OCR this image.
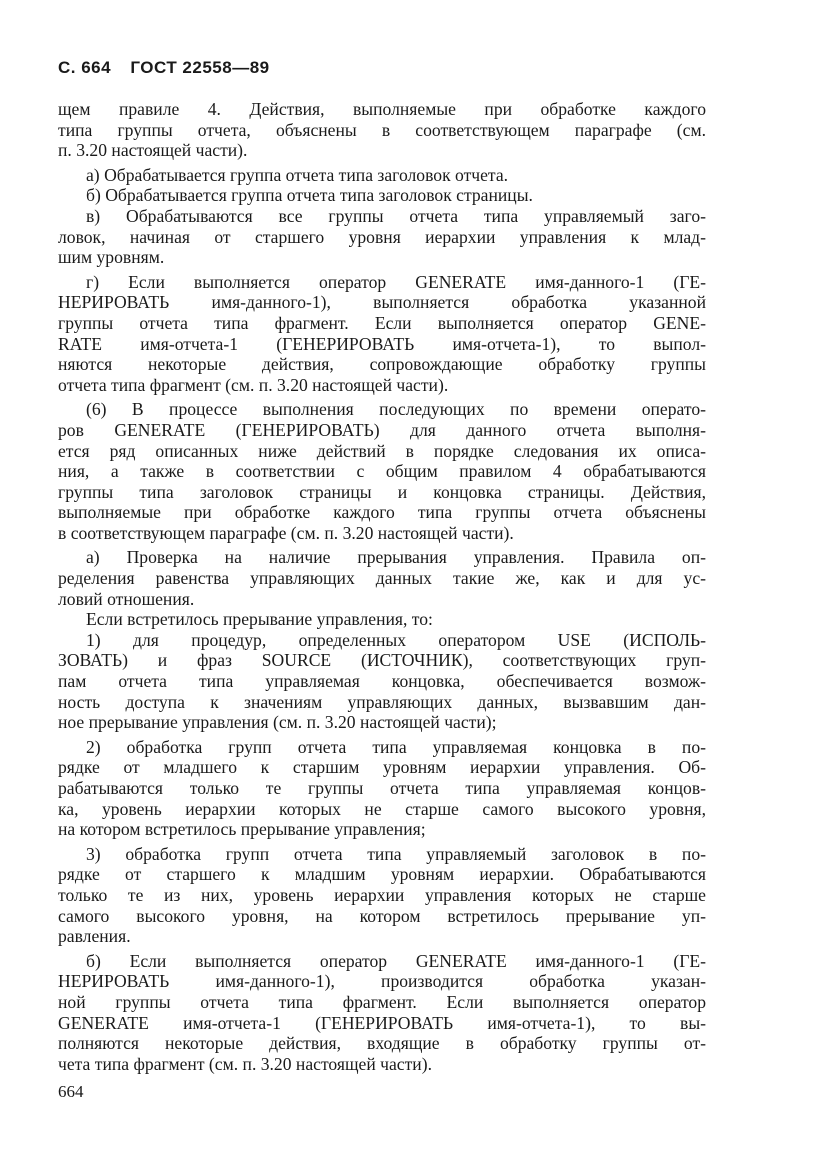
С. 664 ГОСТ 22558—89
щем правиле 4. Действия, выполняемые при обработке каждого
типа группы отчета, объяснены в соответствующем параграфе (см.
п. 3.20 настоящей части).
а) Обрабатывается группа отчета типа заголовок отчета.
б) Обрабатывается группа отчета типа заголовок страницы.
в) Обрабатываются все группы отчета типа управляемый заго-
ловок, начиная от старшего уровня иерархии управления к млад-
шим уровням.
г) Если выполняется оператор GENERATE имя-данного-1 (ГЕ-
НЕРИРОВАТЬ имя-данного-1), выполняется обработка указанной
группы отчета типа фрагмент. Если выполняется оператор GENE-
RATE имя-отчета-1 (ГЕНЕРИРОВАТЬ имя-отчета-1), то выпол-
няются некоторые действия, сопровождающие обработку группы
отчета типа фрагмент (см. п. 3.20 настоящей части).
(6) В процессе выполнения последующих по времени операто-
ров GENERATE (ГЕНЕРИРОВАТЬ) для данного отчета выполня-
ется ряд описанных ниже действий в порядке следования их описа-
ния, а также в соответствии с общим правилом 4 обрабатываются
группы типа заголовок страницы и концовка страницы. Действия,
выполняемые при обработке каждого типа группы отчета объяснены
в соответствующем параграфе (см. п. 3.20 настоящей части).
а) Проверка на наличие прерывания управления. Правила оп-
ределения равенства управляющих данных такие же, как и для ус-
ловий отношения.
Если встретилось прерывание управления, то:
1) для процедур, определенных оператором USE (ИСПОЛЬ-
ЗОВАТЬ) и фраз SOURCE (ИСТОЧНИК), соответствующих груп-
пам отчета типа управляемая концовка, обеспечивается возмож-
ность доступа к значениям управляющих данных, вызвавшим дан-
ное прерывание управления (см. п. 3.20 настоящей части);
2) обработка групп отчета типа управляемая концовка в по-
рядке от младшего к старшим уровням иерархии управления. Об-
рабатываются только те группы отчета типа управляемая концов-
ка, уровень иерархии которых не старше самого высокого уровня,
на котором встретилось прерывание управления;
3) обработка групп отчета типа управляемый заголовок в по-
рядке от старшего к младшим уровням иерархии. Обрабатываются
только те из них, уровень иерархии управления которых не старше
самого высокого уровня, на котором встретилось прерывание уп-
равления.
б) Если выполняется оператор GENERATE имя-данного-1 (ГЕ-
НЕРИРОВАТЬ имя-данного-1), производится обработка указан-
ной группы отчета типа фрагмент. Если выполняется оператор
GENERATE имя-отчета-1 (ГЕНЕРИРОВАТЬ имя-отчета-1), то вы-
полняются некоторые действия, входящие в обработку группы от-
чета типа фрагмент (см. п. 3.20 настоящей части).
664
